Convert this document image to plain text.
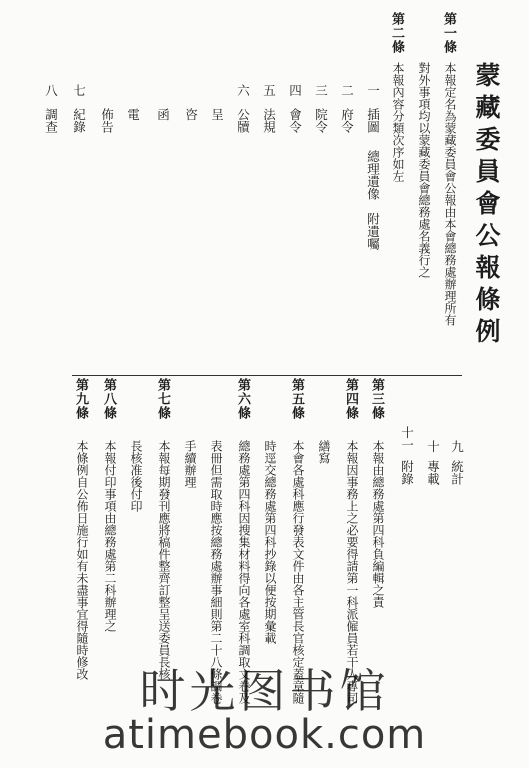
蒙藏委員會公報條例
第一條
本報定名為蒙藏委員會公報由本會總務處辦理所有
對外事項均以蒙藏委員會總務處名義行之
第二條
本報內容分類次序如左
一
插圖
總理遺像　附遺囑
二
府令
三
院令
四
會令
五
法規
六
公牘
呈
咨
函
電
佈告
七
紀錄
八
調查
九
統計
十
專載
十一
附錄
第三條
本報由總務處第四科負編輯之責
第四條
本報因事務上之必要得請第一科派僱員若干人專司
繕寫
第五條
本會各處科應行發表文件由各主管長官核定蓋章隨
時逕交總務處第四科抄錄以便按期彙載
第六條
總務處第四科因搜集材料得向各處室科調取文卷及
表冊但需取時應按總務處辦事細則第二十八條調卷
手續辦理
第七條
本報每期發刊應將稿件整齊訂整呈送委員長核
長核准後付印
第八條
本報付印事項由總務處第二科辦理之
第九條
本條例自公佈日施行如有未盡事宜得隨時修改
时光图书馆
atimebook.com
